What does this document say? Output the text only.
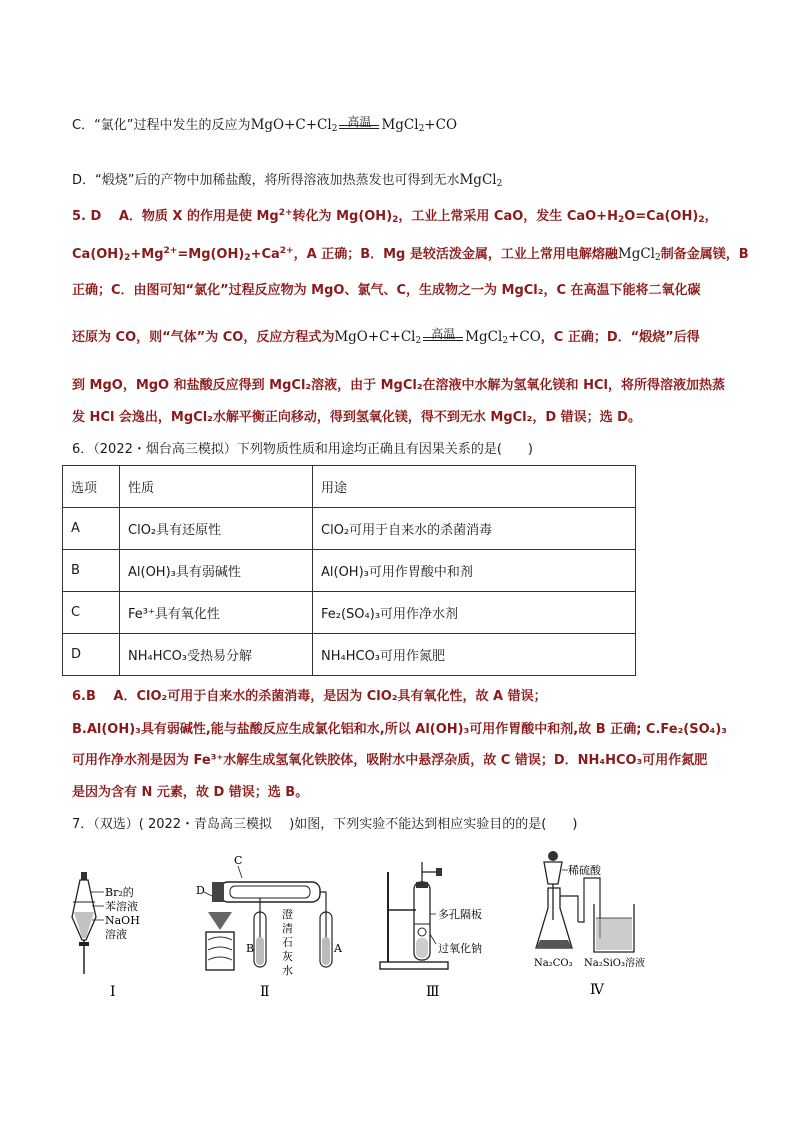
C．“氯化”过程中发生的反应为$MgO+C+Cl_2$ 高温 MgCl$_2$+CO
D．“煅烧”后的产物中加稀盐酸，将所得溶液加热蒸发也可得到无水MgCl$_2$
5. D　 A．物质 X 的作用是使 $Mg^{2+}$转化为 $Mg(OH)_2$，工业上常采用 CaO，发生 $CaO+H_2O=Ca(OH)_2$，
$Ca(OH)_2+Mg^{2+}=Mg(OH)_2+Ca^{2+}$，A 正确；B．Mg 是较活泼金属，工业上常用电解熔融MgCl$_2$制备金属镁，B
正确；C．由图可知“氯化”过程反应物为 MgO、氯气、C，生成物之一为 MgCl₂，C 在高温下能将二氧化碳
还原为 CO，则“气体”为 CO，反应方程式为$MgO+C+Cl_2$ 高温 MgCl$_2$+CO，C 正确；D．“煅烧”后得
到 MgO，MgO 和盐酸反应得到 MgCl₂溶液，由于 MgCl₂在溶液中水解为氢氧化镁和 HCl，将所得溶液加热蒸
发 HCl 会逸出，MgCl₂水解平衡正向移动，得到氢氧化镁，得不到无水 MgCl₂，D 错误；选 D。
6．（2022・烟台高三模拟）下列物质性质和用途均正确且有因果关系的是(　　)
选项	性质	用途
A	ClO₂具有还原性	ClO₂可用于自来水的杀菌消毒
B	Al(OH)₃具有弱碱性	Al(OH)₃可用作胃酸中和剂
C	Fe³⁺具有氧化性	Fe₂(SO₄)₃可用作净水剂
D	NH₄HCO₃受热易分解	NH₄HCO₃可用作氮肥
6.B　 A．ClO₂可用于自来水的杀菌消毒，是因为 ClO₂具有氧化性，故 A 错误；
B.Al(OH)₃具有弱碱性,能与盐酸反应生成氯化铝和水,所以 Al(OH)₃可用作胃酸中和剂,故 B 正确; C.Fe₂(SO₄)₃
可用作净水剂是因为 Fe³⁺水解生成氢氧化铁胶体，吸附水中悬浮杂质，故 C 错误；D．NH₄HCO₃可用作氮肥
是因为含有 N 元素，故 D 错误；选 B。
7．（双选）( 2022・青岛高三模拟　 )如图，下列实验不能达到相应实验目的的是(　　)
Br₂的
苯溶液
NaOH
溶液
Ⅰ
C
D
B	A
澄
清
石
灰
水
Ⅱ
多孔隔板
过氧化钠
Ⅲ
稀硫酸
Na₂CO₃ Na₂SiO₃溶液
Ⅳ
